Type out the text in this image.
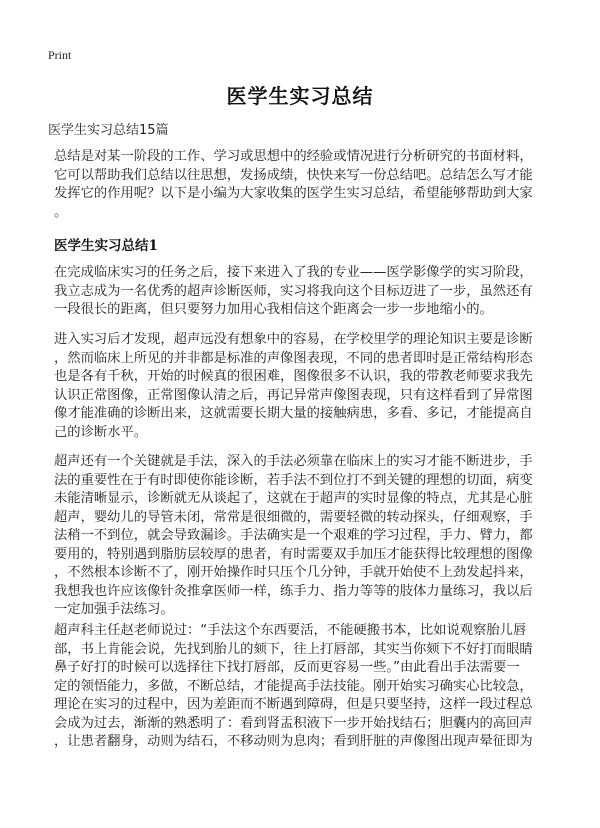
Print
医学生实习总结
医学生实习总结15篇
总结是对某一阶段的工作、学习或思想中的经验或情况进行分析研究的书面材料，
它可以帮助我们总结以往思想，发扬成绩，快快来写一份总结吧。总结怎么写才能
发挥它的作用呢？以下是小编为大家收集的医学生实习总结，希望能够帮助到大家
。
医学生实习总结1
在完成临床实习的任务之后，接下来进入了我的专业——医学影像学的实习阶段，
我立志成为一名优秀的超声诊断医师，实习将我向这个目标迈进了一步，虽然还有
一段很长的距离，但只要努力加用心我相信这个距离会一步一步地缩小的。
进入实习后才发现，超声远没有想象中的容易，在学校里学的理论知识主要是诊断
，然而临床上所见的并非都是标准的声像图表现，不同的患者即时是正常结构形态
也是各有千秋，开始的时候真的很困难，图像很多不认识，我的带教老师要求我先
认识正常图像，正常图像认清之后，再记异常声像图表现，只有这样看到了异常图
像才能准确的诊断出来，这就需要长期大量的接触病患，多看、多记，才能提高自
己的诊断水平。
超声还有一个关键就是手法，深入的手法必须靠在临床上的实习才能不断进步，手
法的重要性在于有时即使你能诊断，若手法不到位打不到关键的理想的切面，病变
未能清晰显示，诊断就无从谈起了，这就在于超声的实时显像的特点，尤其是心脏
超声，婴幼儿的导管未闭，常常是很细微的，需要轻微的转动探头，仔细观察，手
法稍一不到位，就会导致漏诊。手法确实是一个艰难的学习过程，手力、臂力，都
要用的，特别遇到脂肪层较厚的患者，有时需要双手加压才能获得比较理想的图像
，不然根本诊断不了，刚开始操作时只压个几分钟，手就开始使不上劲发起抖来，
我想我也许应该像针灸推拿医师一样，练手力、指力等等的肢体力量练习，我以后
一定加强手法练习。
超声科主任赵老师说过：“手法这个东西要活，不能硬搬书本，比如说观察胎儿唇
部，书上肯能会说，先找到胎儿的颏下，往上打唇部，其实当你颏下不好打而眼睛
鼻子好打的时候可以选择往下找打唇部，反而更容易一些。”由此看出手法需要一
定的领悟能力，多做，不断总结，才能提高手法技能。刚开始实习确实心比较急，
理论在实习的过程中，因为差距而不断遇到障碍，但是只要坚持，这样一段过程总
会成为过去，渐渐的熟悉明了：看到肾盂积液下一步开始找结石；胆囊内的高回声
，让患者翻身，动则为结石，不移动则为息肉；看到肝脏的声像图出现声晕征即为
